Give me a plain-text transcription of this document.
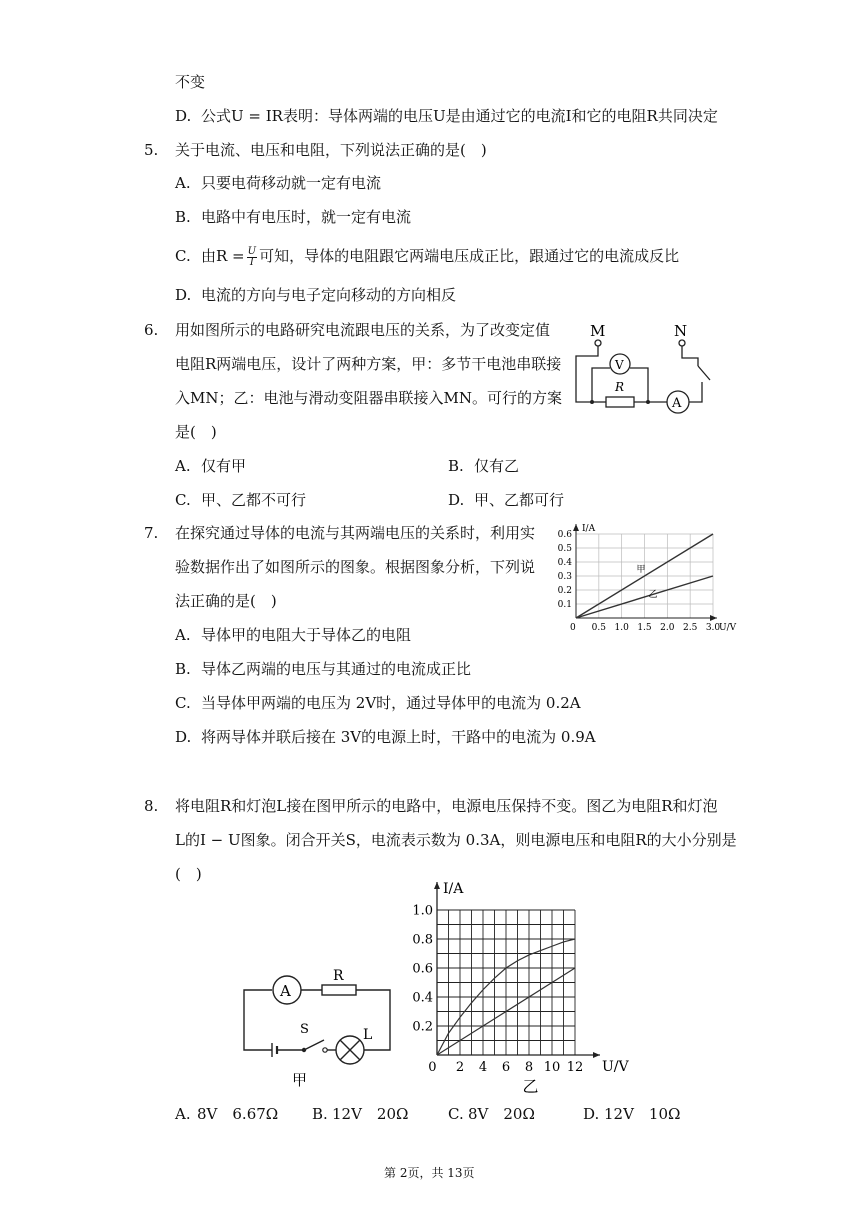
不变
D. 公式U = IR表明：导体两端的电压U是由通过它的电流I和它的电阻R共同决定
5. 关于电流、电压和电阻，下列说法正确的是(　)
A. 只要电荷移动就一定有电流
B. 电路中有电压时，就一定有电流
C. 由$R = \frac{U}{I}$ 可知，导体的电阻跟它两端电压成正比，跟通过它的电流成反比
D. 电流的方向与电子定向移动的方向相反
6. 用如图所示的电路研究电流跟电压的关系，为了改变定值
电阻R两端电压，设计了两种方案，甲：多节干电池串联接
入MN；乙：电池与滑动变阻器串联接入MN。可行的方案
是(　)
A. 仅有甲	B. 仅有乙
C. 甲、乙都不可行	D. 甲、乙都可行
M	N
A
R
V
7. 在探究通过导体的电流与其两端电压的关系时，利用实
验数据作出了如图所示的图象。根据图象分析，下列说
法正确的是(　)
A. 导体甲的电阻大于导体乙的电阻
B. 导体乙两端的电压与其通过的电流成正比
C. 当导体甲两端的电压为 2V时，通过导体甲的电流为 0.2A
D. 将两导体并联后接在 3V的电源上时，干路中的电流为 0.9A
0 0.5 1.0 1.5 2.0 2.5 3.0
0.1
0.2
0.3
0.4
0.5
0.6
U/V
I/A
甲
乙
8. 将电阻R和灯泡L接在图甲所示的电路中，电源电压保持不变。图乙为电阻R和灯泡
L的I − U图象。闭合开关S，电流表示数为 0.3A，则电源电压和电阻R的大小分别是
(　)
A
R
S	L
甲
0 2 4 6 8 10 12
0.2
0.4
0.6
0.8
1.0
U/V
I/A
乙
A. 8V　6.67Ω B. 12V　20Ω	C. 8V　20Ω	D. 12V　10Ω
第 2页，共 13页
